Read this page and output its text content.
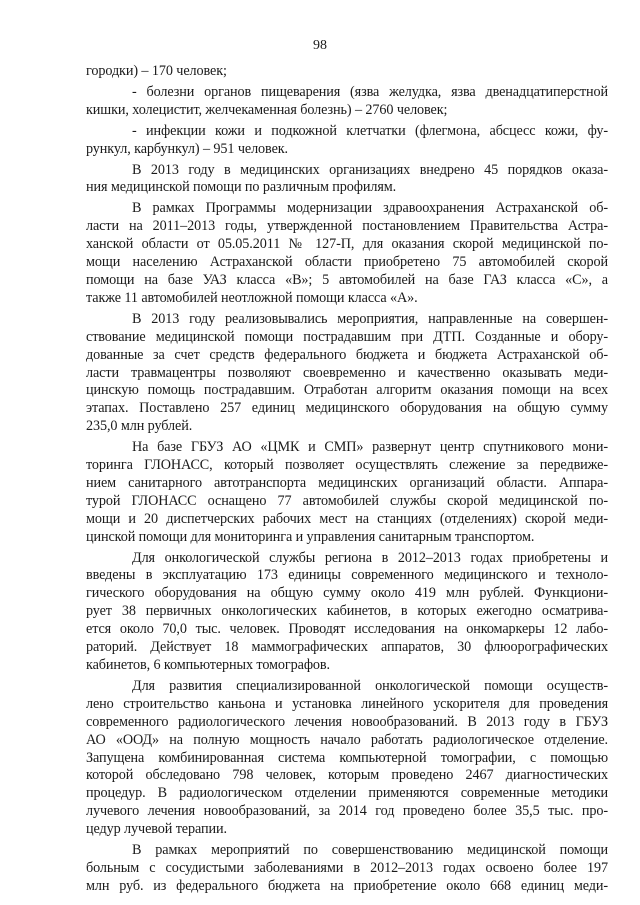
98
городки) – 170 человек;
- болезни органов пищеварения (язва желудка, язва двенадцатиперстной
кишки, холецистит, желчекаменная болезнь) – 2760 человек;
- инфекции кожи и подкожной клетчатки (флегмона, абсцесс кожи, фу-
рункул, карбункул) – 951 человек.
В 2013 году в медицинских организациях внедрено 45 порядков оказа-
ния медицинской помощи по различным профилям.
В рамках Программы модернизации здравоохранения Астраханской об-
ласти на 2011–2013 годы, утвержденной постановлением Правительства Астра-
ханской области от 05.05.2011 № 127-П, для оказания скорой медицинской по-
мощи населению Астраханской области приобретено 75 автомобилей скорой
помощи на базе УАЗ класса «В»; 5 автомобилей на базе ГАЗ класса «С», а
также 11 автомобилей неотложной помощи класса «А».
В 2013 году реализовывались мероприятия, направленные на совершен-
ствование медицинской помощи пострадавшим при ДТП. Созданные и обору-
дованные за счет средств федерального бюджета и бюджета Астраханской об-
ласти травмацентры позволяют своевременно и качественно оказывать меди-
цинскую помощь пострадавшим. Отработан алгоритм оказания помощи на всех
этапах. Поставлено 257 единиц медицинского оборудования на общую сумму
235,0 млн рублей.
На базе ГБУЗ АО «ЦМК и СМП» развернут центр спутникового мони-
торинга ГЛОНАСС, который позволяет осуществлять слежение за передвиже-
нием санитарного автотранспорта медицинских организаций области. Аппара-
турой ГЛОНАСС оснащено 77 автомобилей службы скорой медицинской по-
мощи и 20 диспетчерских рабочих мест на станциях (отделениях) скорой меди-
цинской помощи для мониторинга и управления санитарным транспортом.
Для онкологической службы региона в 2012–2013 годах приобретены и
введены в эксплуатацию 173 единицы современного медицинского и техноло-
гического оборудования на общую сумму около 419 млн рублей. Функциони-
рует 38 первичных онкологических кабинетов, в которых ежегодно осматрива-
ется около 70,0 тыс. человек. Проводят исследования на онкомаркеры 12 лабо-
раторий. Действует 18 маммографических аппаратов, 30 флюорографических
кабинетов, 6 компьютерных томографов.
Для развития специализированной онкологической помощи осуществ-
лено строительство каньона и установка линейного ускорителя для проведения
современного радиологического лечения новообразований. В 2013 году в ГБУЗ
АО «ООД» на полную мощность начало работать радиологическое отделение.
Запущена комбинированная система компьютерной томографии, с помощью
которой обследовано 798 человек, которым проведено 2467 диагностических
процедур. В радиологическом отделении применяются современные методики
лучевого лечения новообразований, за 2014 год проведено более 35,5 тыс. про-
цедур лучевой терапии.
В рамках мероприятий по совершенствованию медицинской помощи
больным с сосудистыми заболеваниями в 2012–2013 годах освоено более 197
млн руб. из федерального бюджета на приобретение около 668 единиц меди-
